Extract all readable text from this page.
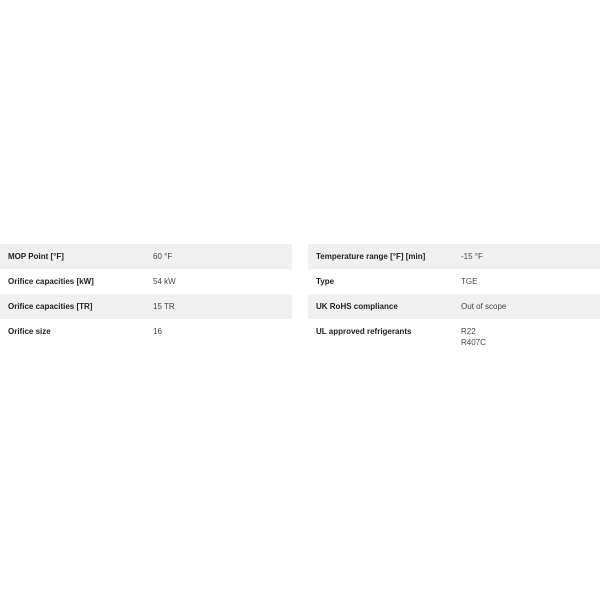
MOP Point [°F]	60 °F
Orifice capacities [kW]	54 kW
Orifice capacities [TR]	15 TR
Orifice size	16
Temperature range [°F] [min]	-15 °F
Type	TGE
UK RoHS compliance	Out of scope
UL approved refrigerants	R22
R407C
